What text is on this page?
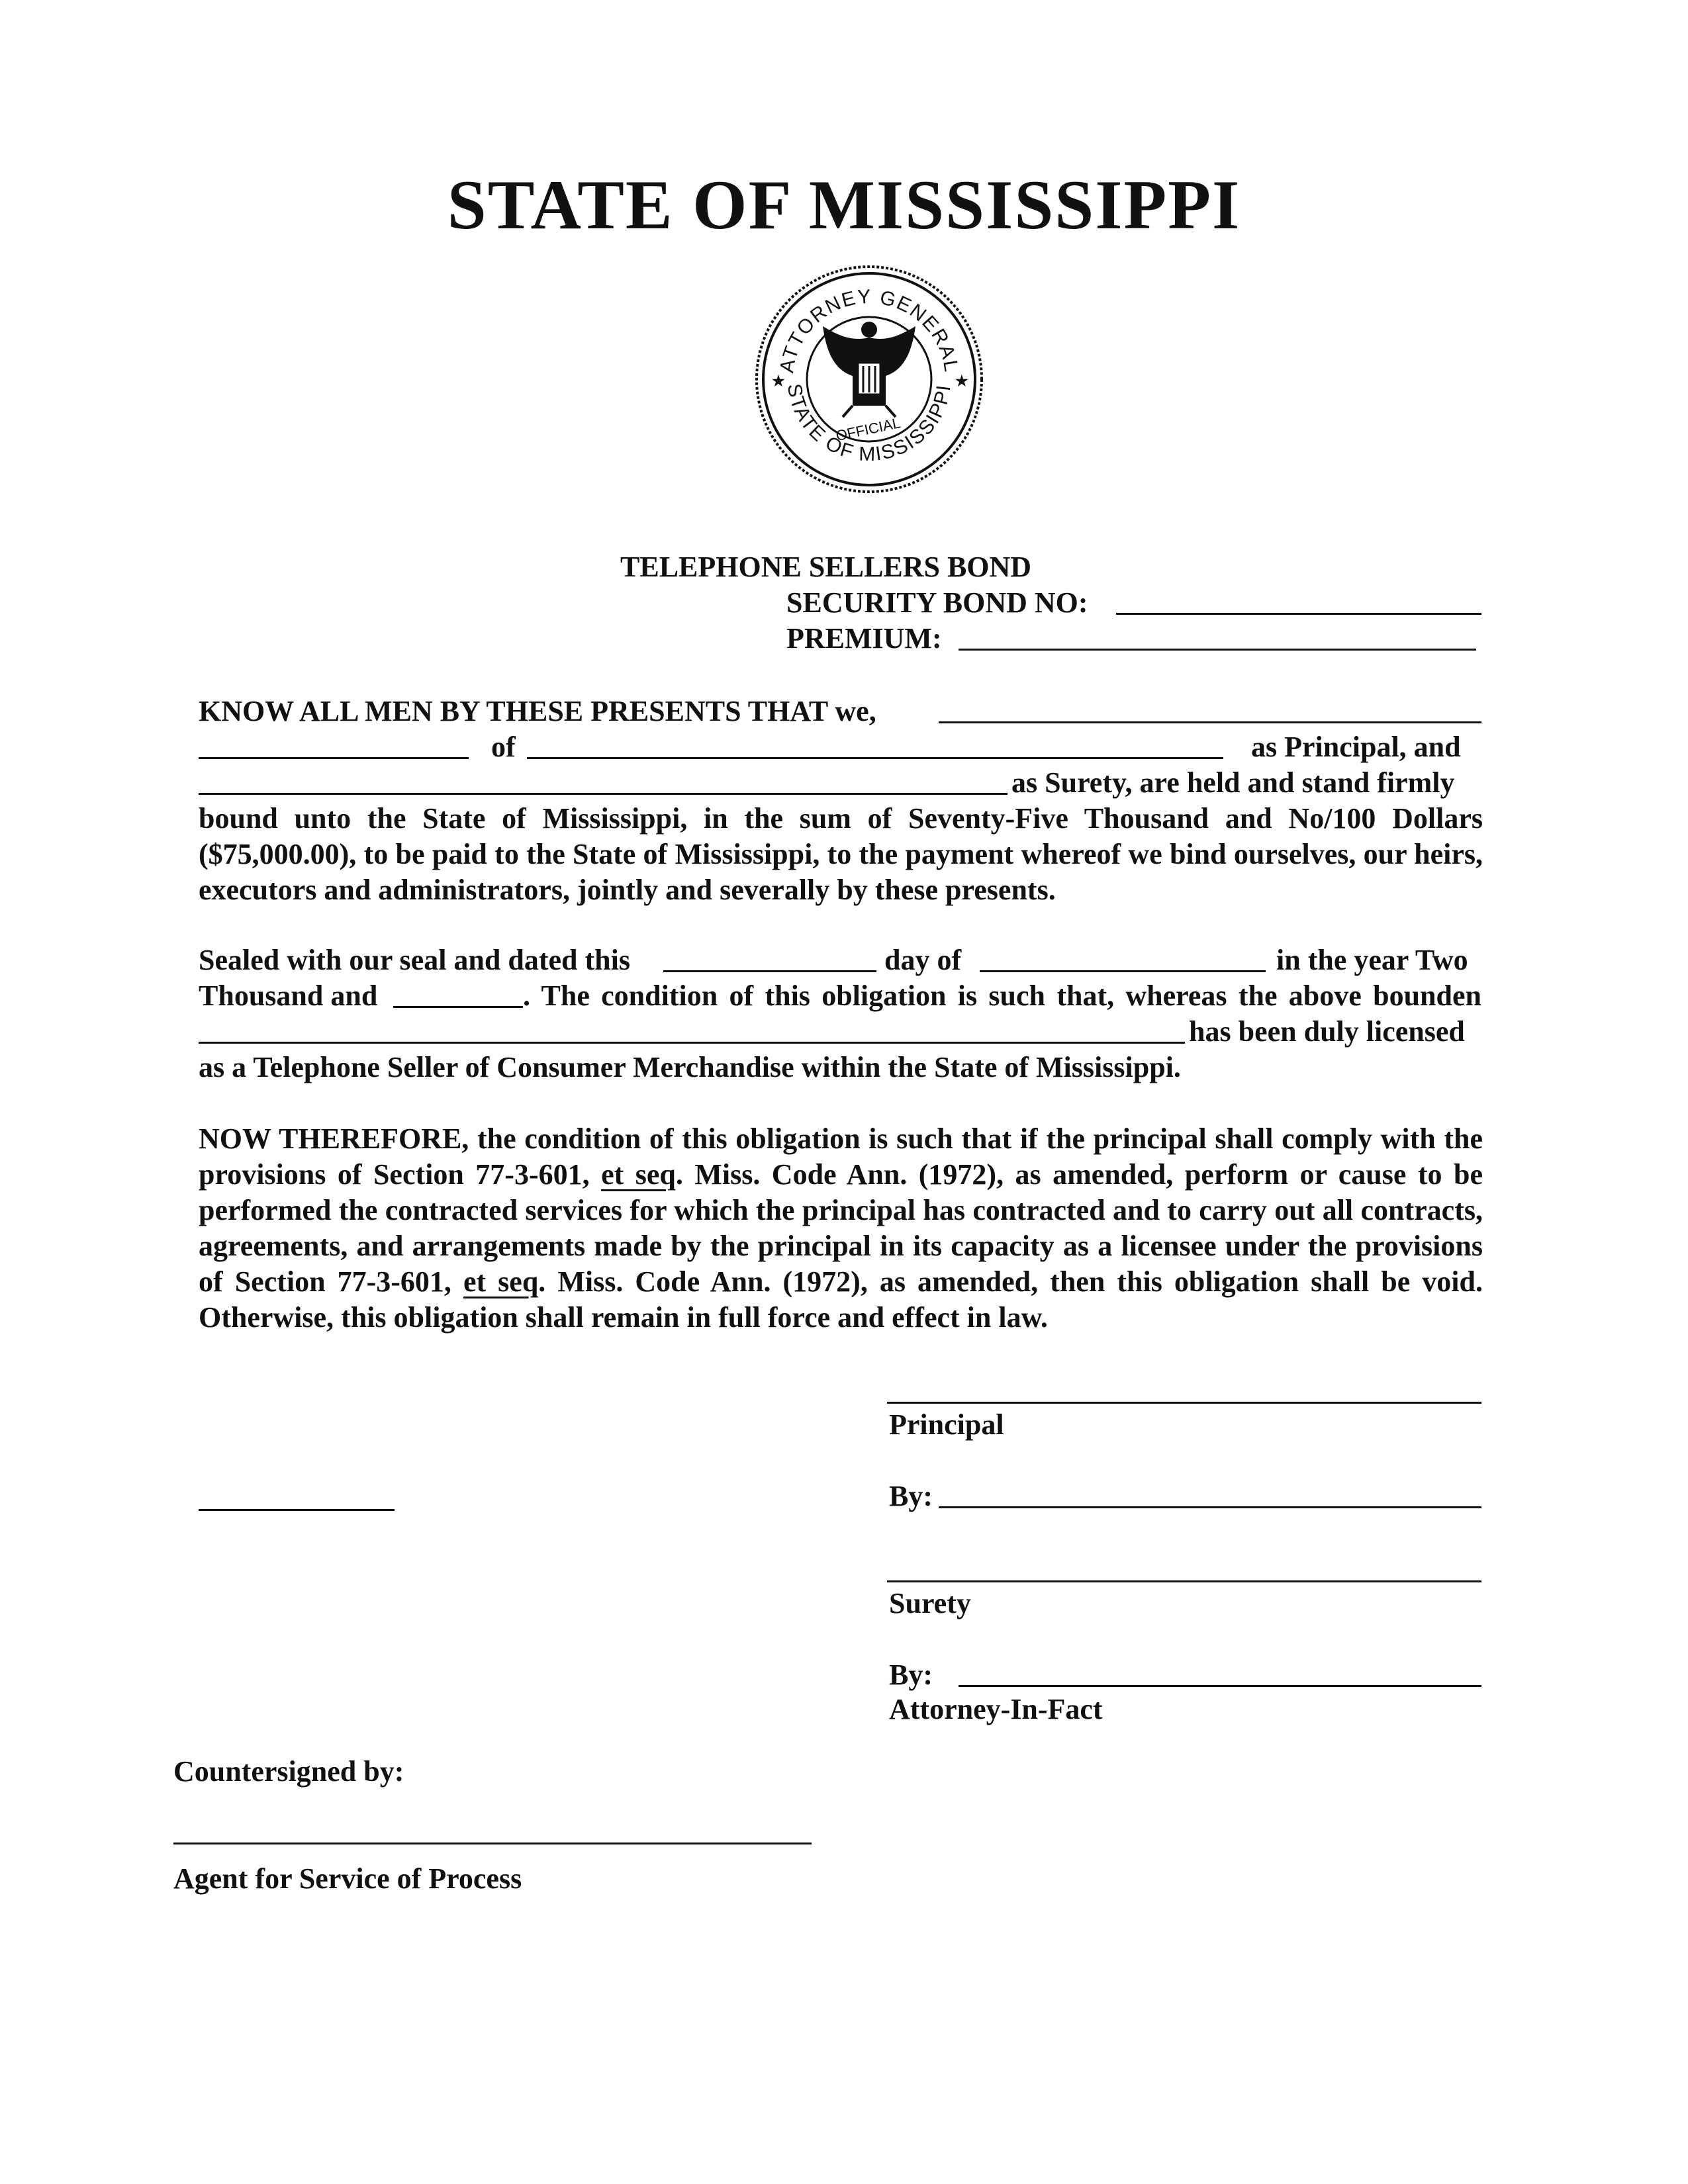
STATE OF MISSISSIPPI
ATTORNEY GENERAL
STATE OF MISSISSIPPI
★	★
OFFICIAL
TELEPHONE SELLERS BOND
SECURITY BOND NO:
PREMIUM:
KNOW ALL MEN BY THESE PRESENTS THAT we,
of	as Principal, and
as Surety, are held and stand firmly
bound unto the State of Mississippi, in the sum of Seventy-Five Thousand and No/100 Dollars ($75,000.00), to be paid to the State of Mississippi, to the payment whereof we bind ourselves, our heirs, executors and administrators, jointly and severally by these presents.
Sealed with our seal and dated this	day of	in the year Two
Thousand and	. The condition of this obligation is such that, whereas the above bounden
has been duly licensed
as a Telephone Seller of Consumer Merchandise within the State of Mississippi.
NOW THEREFORE, the condition of this obligation is such that if the principal shall comply with the provisions of Section 77-3-601, et seq. Miss. Code Ann. (1972), as amended, perform or cause to be performed the contracted services for which the principal has contracted and to carry out all contracts, agreements, and arrangements made by the principal in its capacity as a licensee under the provisions of Section 77-3-601, et seq. Miss. Code Ann. (1972), as amended, then this obligation shall be void. Otherwise, this obligation shall remain in full force and effect in law.
Principal
By:
Surety
By:
Attorney-In-Fact
Countersigned by:
Agent for Service of Process
